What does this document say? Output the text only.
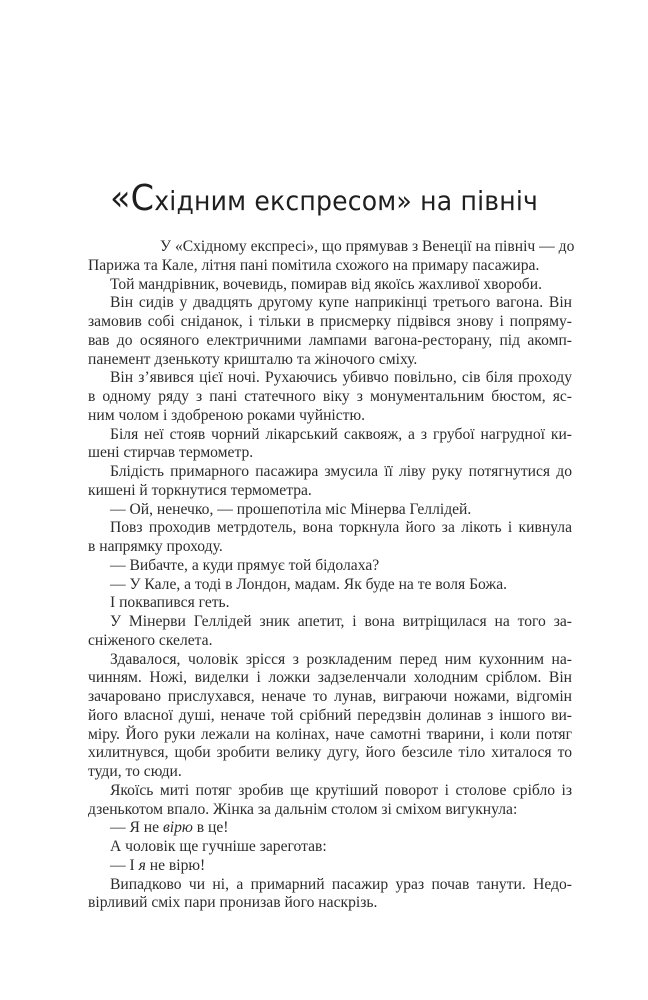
«Східним експресом» на північ
У «Східному експресі», що прямував з Венеції на північ — до
Парижа та Кале, літня пані помітила схожого на примару пасажира.
Той мандрівник, вочевидь, помирав від якоїсь жахливої хвороби.
Він сидів у двадцять другому купе наприкінці третього вагона. Він
замовив собі сніданок, і тільки в присмерку підвівся знову і попряму-
вав до осяяного електричними лампами вагона-ресторану, під акомп-
панемент дзенькоту кришталю та жіночого сміху.
Він з’явився цієї ночі. Рухаючись убивчо повільно, сів біля проходу
в одному ряду з пані статечного віку з монументальним бюстом, яс-
ним чолом і здобреною роками чуйністю.
Біля неї стояв чорний лікарський саквояж, а з грубої нагрудної ки-
шені стирчав термометр.
Блідість примарного пасажира змусила її ліву руку потягнутися до
кишені й торкнутися термометра.
— Ой, ненечко, — прошепотіла міс Мінерва Геллідей.
Повз проходив метрдотель, вона торкнула його за лікоть і кивнула
в напрямку проходу.
— Вибачте, а куди прямує той бідолаха?
— У Кале, а тоді в Лондон, мадам. Як буде на те воля Божа.
І поквапився геть.
У Мінерви Геллідей зник апетит, і вона витріщилася на того за-
сніженого скелета.
Здавалося, чоловік зрісся з розкладеним перед ним кухонним на-
чинням. Ножі, виделки і ложки задзеленчали холодним сріблом. Він
зачаровано прислухався, неначе то лунав, виграючи ножами, відгомін
його власної душі, неначе той срібний передзвін долинав з іншого ви-
міру. Його руки лежали на колінах, наче самотні тварини, і коли потяг
хилитнувся, щоби зробити велику дугу, його безсиле тіло хиталося то
туди, то сюди.
Якоїсь миті потяг зробив ще крутіший поворот і столове срібло із
дзенькотом впало. Жінка за дальнім столом зі сміхом вигукнула:
— Я не вірю в це!
А чоловік ще гучніше зареготав:
— І я не вірю!
Випадково чи ні, а примарний пасажир ураз почав танути. Недо-
вірливий сміх пари пронизав його наскрізь.
